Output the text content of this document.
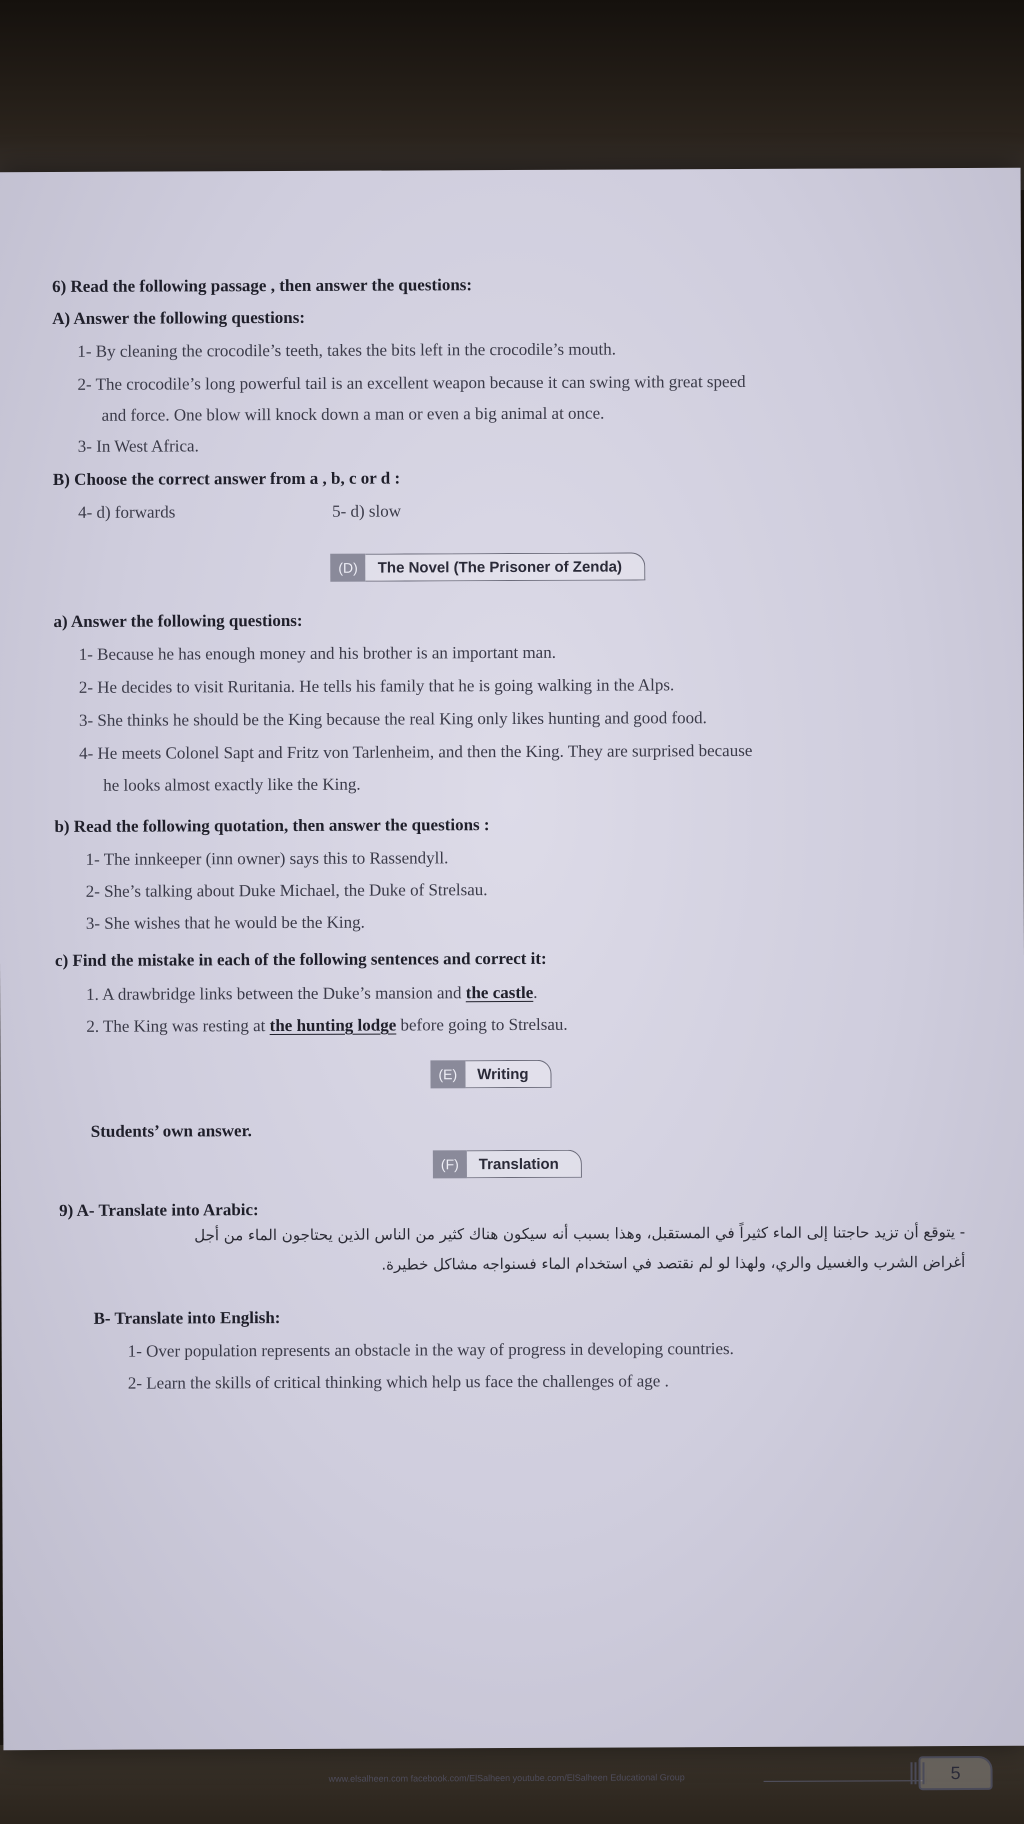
6) Read the following passage , then answer the questions:
A) Answer the following questions:
1- By cleaning the crocodile’s teeth, takes the bits left in the crocodile’s mouth.
2- The crocodile’s long powerful tail is an excellent weapon because it can swing with great speed
and force. One blow will knock down a man or even a big animal at once.
3- In West Africa.
B) Choose the correct answer from a , b, c or d :
4- d) forwards	5- d) slow
(D)	The Novel (The Prisoner of Zenda)
a) Answer the following questions:
1- Because he has enough money and his brother is an important man.
2- He decides to visit Ruritania. He tells his family that he is going walking in the Alps.
3- She thinks he should be the King because the real King only likes hunting and good food.
4- He meets Colonel Sapt and Fritz von Tarlenheim, and then the King. They are surprised because
he looks almost exactly like the King.
b) Read the following quotation, then answer the questions :
1- The innkeeper (inn owner) says this to Rassendyll.
2- She’s talking about Duke Michael, the Duke of Strelsau.
3- She wishes that he would be the King.
c) Find the mistake in each of the following sentences and correct it:
1. A drawbridge links between the Duke’s mansion and the castle.
2. The King was resting at the hunting lodge before going to Strelsau.
(E)	Writing
Students’ own answer.
(F)	Translation
9) A- Translate into Arabic:
- يتوقع أن تزيد حاجتنا إلى الماء كثيراً في المستقبل، وهذا بسبب أنه سيكون هناك كثير من الناس الذين يحتاجون الماء من أجل
أغراض الشرب والغسيل والري، ولهذا لو لم نقتصد في استخدام الماء فسنواجه مشاكل خطيرة.
B- Translate into English:
1- Over population represents an obstacle in the way of progress in developing countries.
2- Learn the skills of critical thinking which help us face the challenges of age .
www.elsalheen.com facebook.com/ElSalheen youtube.com/ElSalheen Educational Group	5
